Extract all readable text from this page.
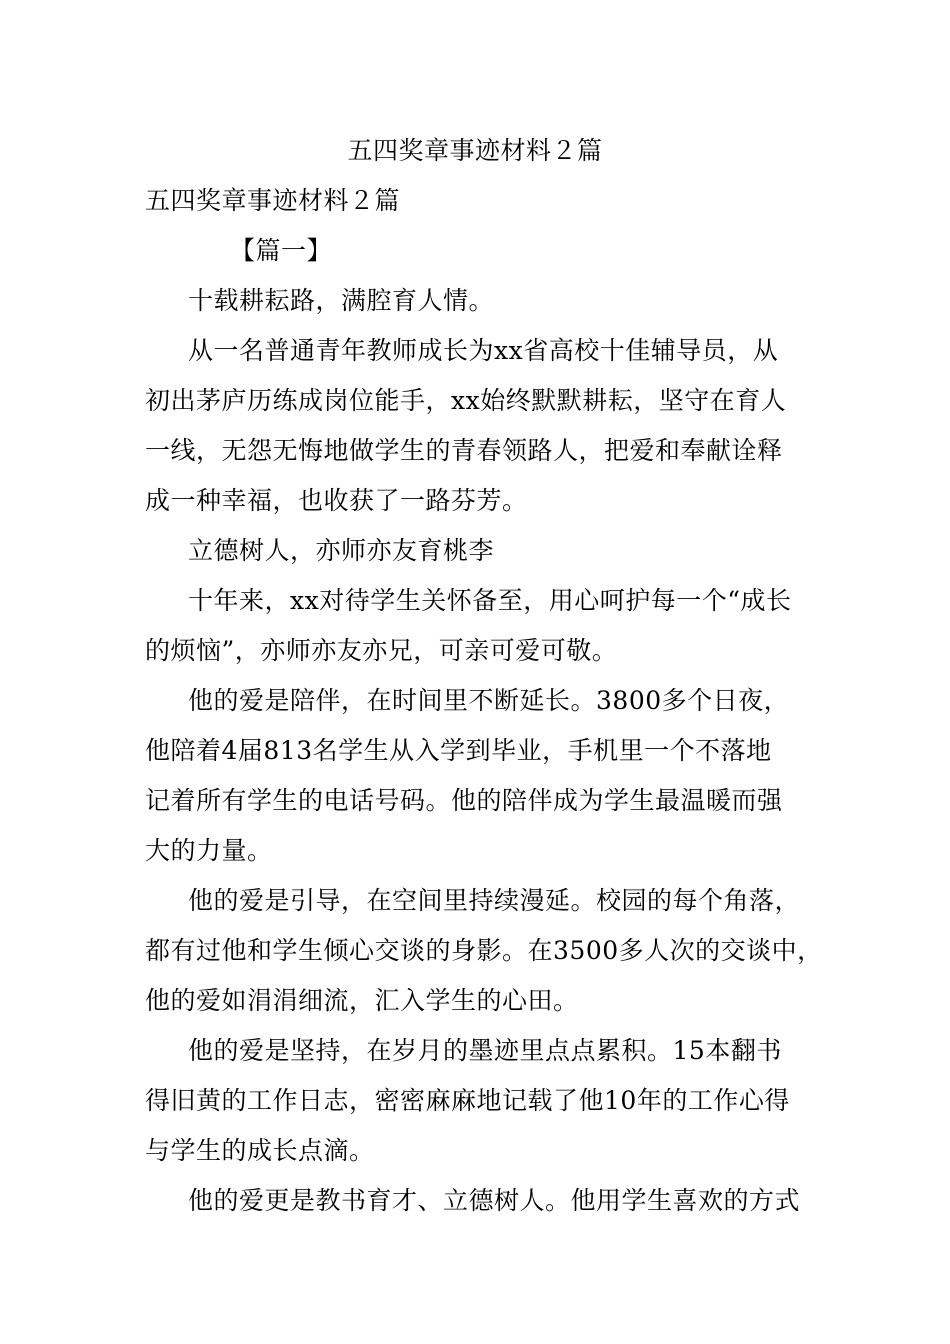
五四奖章事迹材料２篇
五四奖章事迹材料２篇
【篇一】
十载耕耘路，满腔育人情。
从一名普通青年教师成长为xx省高校十佳辅导员，从
初出茅庐历练成岗位能手，xx始终默默耕耘，坚守在育人
一线，无怨无悔地做学生的青春领路人，把爱和奉献诠释
成一种幸福，也收获了一路芬芳。
立德树人，亦师亦友育桃李
十年来，xx对待学生关怀备至，用心呵护每一个“成长
的烦恼”，亦师亦友亦兄，可亲可爱可敬。
他的爱是陪伴，在时间里不断延长。3800多个日夜，
他陪着4届813名学生从入学到毕业，手机里一个不落地
记着所有学生的电话号码。他的陪伴成为学生最温暖而强
大的力量。
他的爱是引导，在空间里持续漫延。校园的每个角落，
都有过他和学生倾心交谈的身影。在3500多人次的交谈中，
他的爱如涓涓细流，汇入学生的心田。
他的爱是坚持，在岁月的墨迹里点点累积。15本翻书
得旧黄的工作日志，密密麻麻地记载了他10年的工作心得
与学生的成长点滴。
他的爱更是教书育才、立德树人。他用学生喜欢的方式
